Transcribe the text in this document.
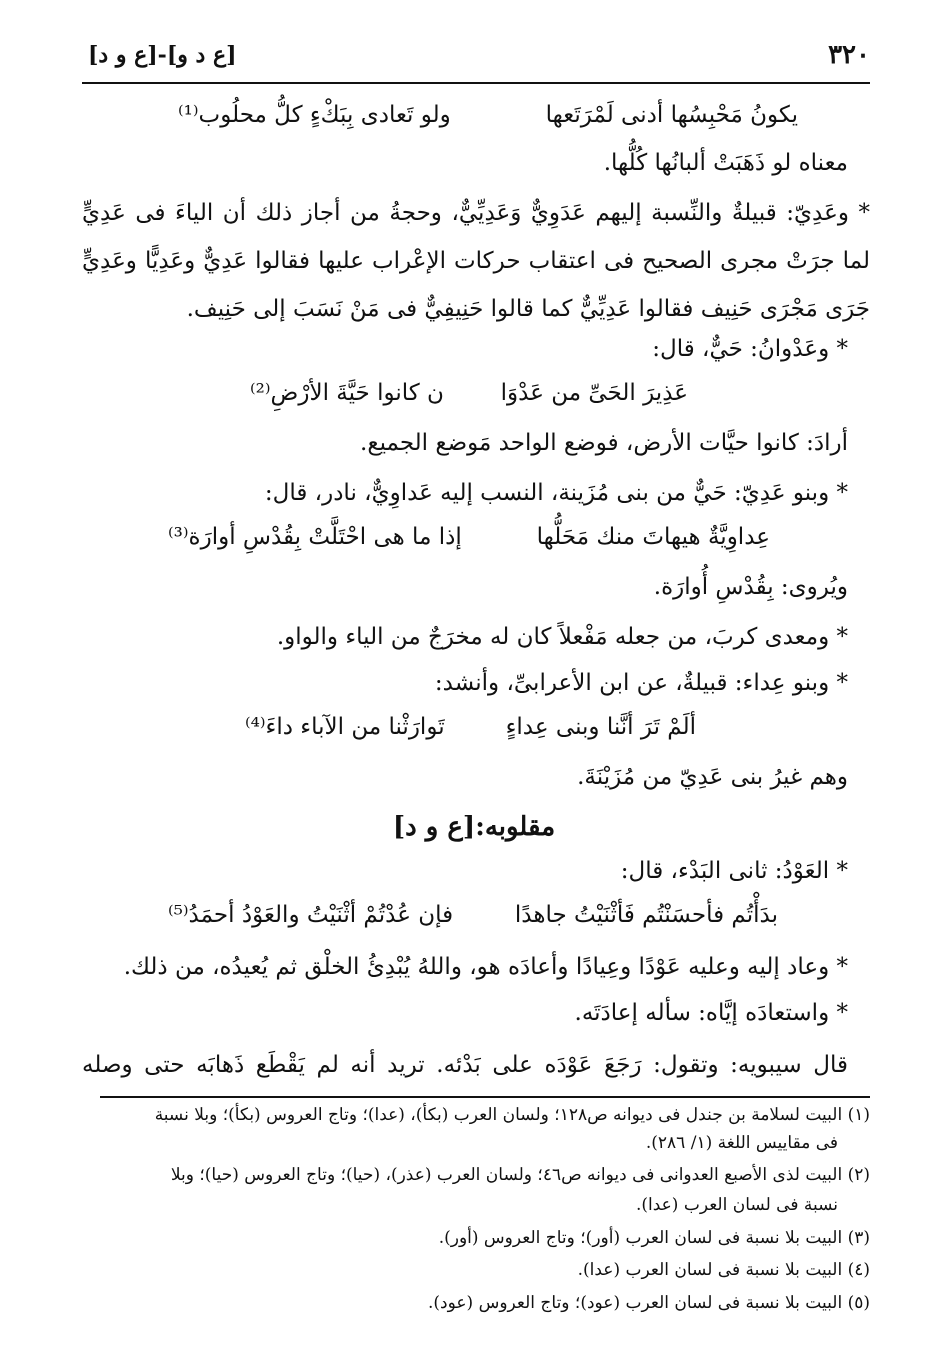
٣٢٠
[ع د و]-[ع و د]
يكونُ مَحْبِسُها أدنى لَمْرَتَعها
ولو تَعادى بِبَكْءٍ كلُّ محلُوب⁽¹⁾
معناه لو ذَهَبَتْ ألبانُها كُلُّها.
* وعَدِيّ: قبيلةٌ والنِّسبة إليهم عَدَوِيٌّ وَعَدِيِّيٌّ، وحجةُ من أجاز ذلك أن الياءَ فى عَدِيٍّ
لما جرَتْ مجرى الصحيح فى اعتقاب حركات الإعْراب عليها فقالوا عَدِيٌّ وعَدِيًّا وعَدِيٍّ
جَرَى مَجْرَى حَنِيف فقالوا عَدِيِّيٌّ كما قالوا حَنِيفِيٌّ فى مَنْ نَسَبَ إلى حَنِيف.
* وعَدْوانُ: حَيٌّ، قال:
عَذِيرَ الحَىِّ من عَدْوَا
ن كانوا حَيَّةَ الأرْضِ⁽²⁾
أرادَ: كانوا حيَّات الأرض، فوضع الواحد مَوضع الجميع.
* وبنو عَدِيّ: حَيٌّ من بنى مُزَينة، النسب إليه عَداوِيٌّ، نادر، قال:
عِداوِيَّةٌ هيهاتَ منك مَحَلُّها
إذا ما هى احْتَلَّتْ بِقُدْسِ أوارَة⁽³⁾
ويُروى: بِقُدْسِ أُوارَة.
* ومعدى كربَ، من جعله مَفْعلاً كان له مخرَجٌ من الياء والواو.
* وبنو عِداء: قبيلةٌ، عن ابن الأعرابىِّ، وأنشد:
ألَمْ تَرَ أنَّنا وبنى عِداءٍ
تَوارَثْنا من الآباء داءَ⁽⁴⁾
وهم غيرُ بنى عَدِيّ من مُزَيْنَةَ.
مقلوبه:[ع و د]
* العَوْدُ: ثانى البَدْء، قال:
بدَأْتُم فأحسَنْتُم فَأثْنَيْتُ جاهدًا
فإن عُدْتُمْ أثْنَيْتُ والعَوْدُ أحمَدُ⁽⁵⁾
* وعاد إليه وعليه عَوْدًا وعِيادًا وأعادَه هو، واللهُ يُبْدِئُ الخلْق ثم يُعيدُه، من ذلك.
* واستعادَه إيَّاه: سأله إعادَتَه.
قال سيبويه: وتقول: رَجَعَ عَوْدَه على بَدْئه. تريد أنه لم يَقْطَع ذَهابَه حتى وصله
(١) البيت لسلامة بن جندل فى ديوانه ص١٢٨؛ ولسان العرب (بكأ)، (عدا)؛ وتاج العروس (بكأ)؛ وبلا نسبة
فى مقاييس اللغة (١/ ٢٨٦).
(٢) البيت لذى الأصبع العدوانى فى ديوانه ص٤٦؛ ولسان العرب (عذر)، (حيا)؛ وتاج العروس (حيا)؛ وبلا
نسبة فى لسان العرب (عدا).
(٣) البيت بلا نسبة فى لسان العرب (أور)؛ وتاج العروس (أور).
(٤) البيت بلا نسبة فى لسان العرب (عدا).
(٥) البيت بلا نسبة فى لسان العرب (عود)؛ وتاج العروس (عود).
